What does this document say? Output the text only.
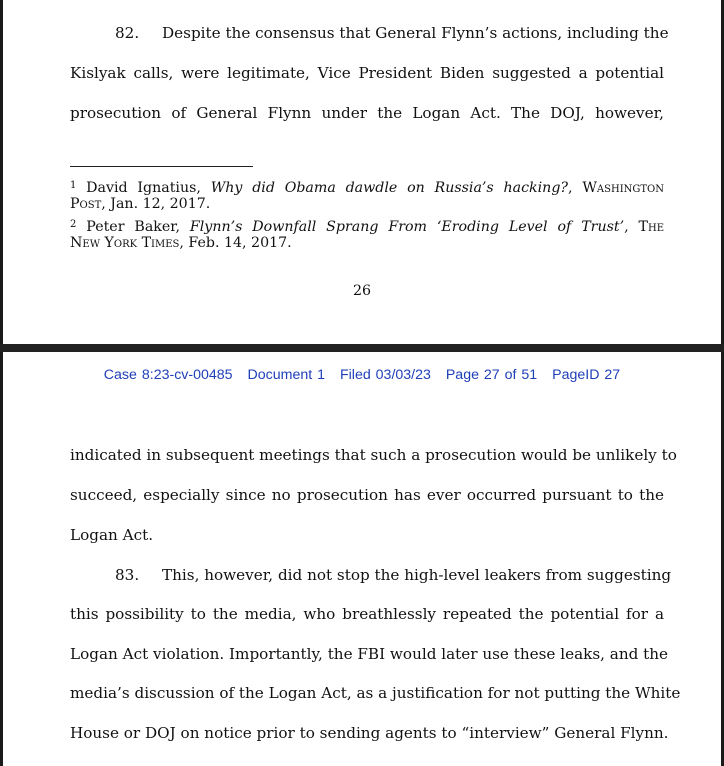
82. Despite the consensus that General Flynn’s actions, including the
Kislyak calls, were legitimate, Vice President Biden suggested a potential
prosecution of General Flynn under the Logan Act. The DOJ, however,
$^1$ David Ignatius, Why did Obama dawdle on Russia’s hacking?, Washington
Post, Jan. 12, 2017.
$^2$ Peter Baker, Flynn’s Downfall Sprang From ‘Eroding Level of Trust’, The
New York Times, Feb. 14, 2017.
26
Case 8:23-cv-00485 Document 1 Filed 03/03/23 Page 27 of 51 PageID 27
indicated in subsequent meetings that such a prosecution would be unlikely to
succeed, especially since no prosecution has ever occurred pursuant to the
Logan Act.
83. This, however, did not stop the high-level leakers from suggesting
this possibility to the media, who breathlessly repeated the potential for a
Logan Act violation. Importantly, the FBI would later use these leaks, and the
media’s discussion of the Logan Act, as a justification for not putting the White
House or DOJ on notice prior to sending agents to “interview” General Flynn.
